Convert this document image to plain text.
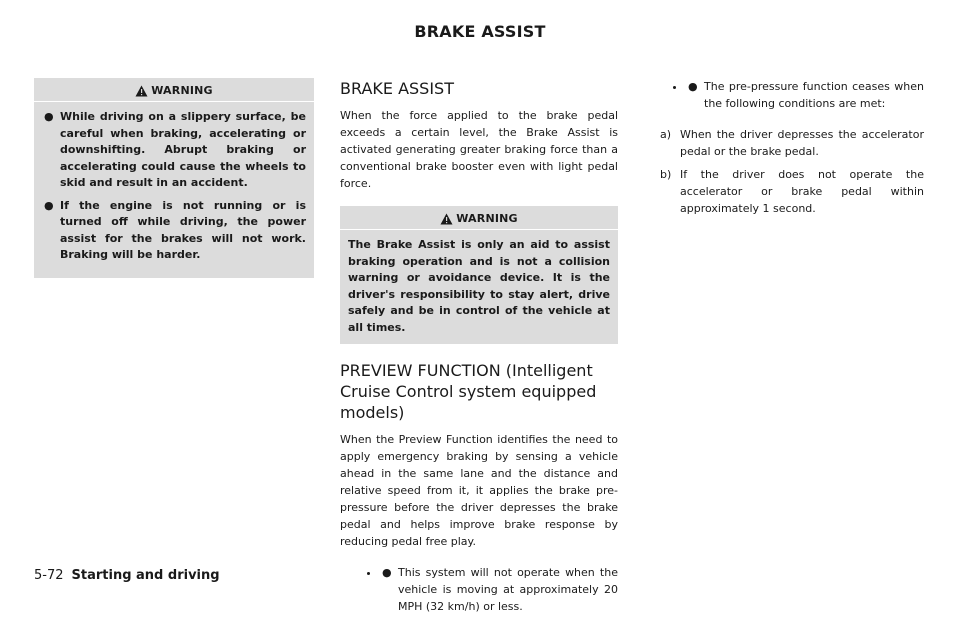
BRAKE ASSIST
WARNING
● While driving on a slippery surface, be careful when braking, accelerating or downshifting. Abrupt braking or accelerating could cause the wheels to skid and result in an accident.
● If the engine is not running or is turned off while driving, the power assist for the brakes will not work. Braking will be harder.
BRAKE ASSIST

When the force applied to the brake pedal exceeds a certain level, the Brake Assist is activated generating greater braking force than a conventional brake booster even with light pedal force.

WARNING

The Brake Assist is only an aid to assist braking operation and is not a collision warning or avoidance device. It is the driver's responsibility to stay alert, drive safely and be in control of the vehicle at all times.

PREVIEW FUNCTION (Intelligent Cruise Control system equipped models)

When the Preview Function identifies the need to apply emergency braking by sensing a vehicle ahead in the same lane and the distance and relative speed from it, it applies the brake pre-pressure before the driver depresses the brake pedal and helps improve brake response by reducing pedal free play.

• ● This system will not operate when the vehicle is moving at approximately 20 MPH (32 km/h) or less.
• ● The pre-pressure function ceases when the following conditions are met:
a) When the driver depresses the accelerator pedal or the brake pedal.
b) If the driver does not operate the accelerator or brake pedal within approximately 1 second.
5-72 Starting and driving
